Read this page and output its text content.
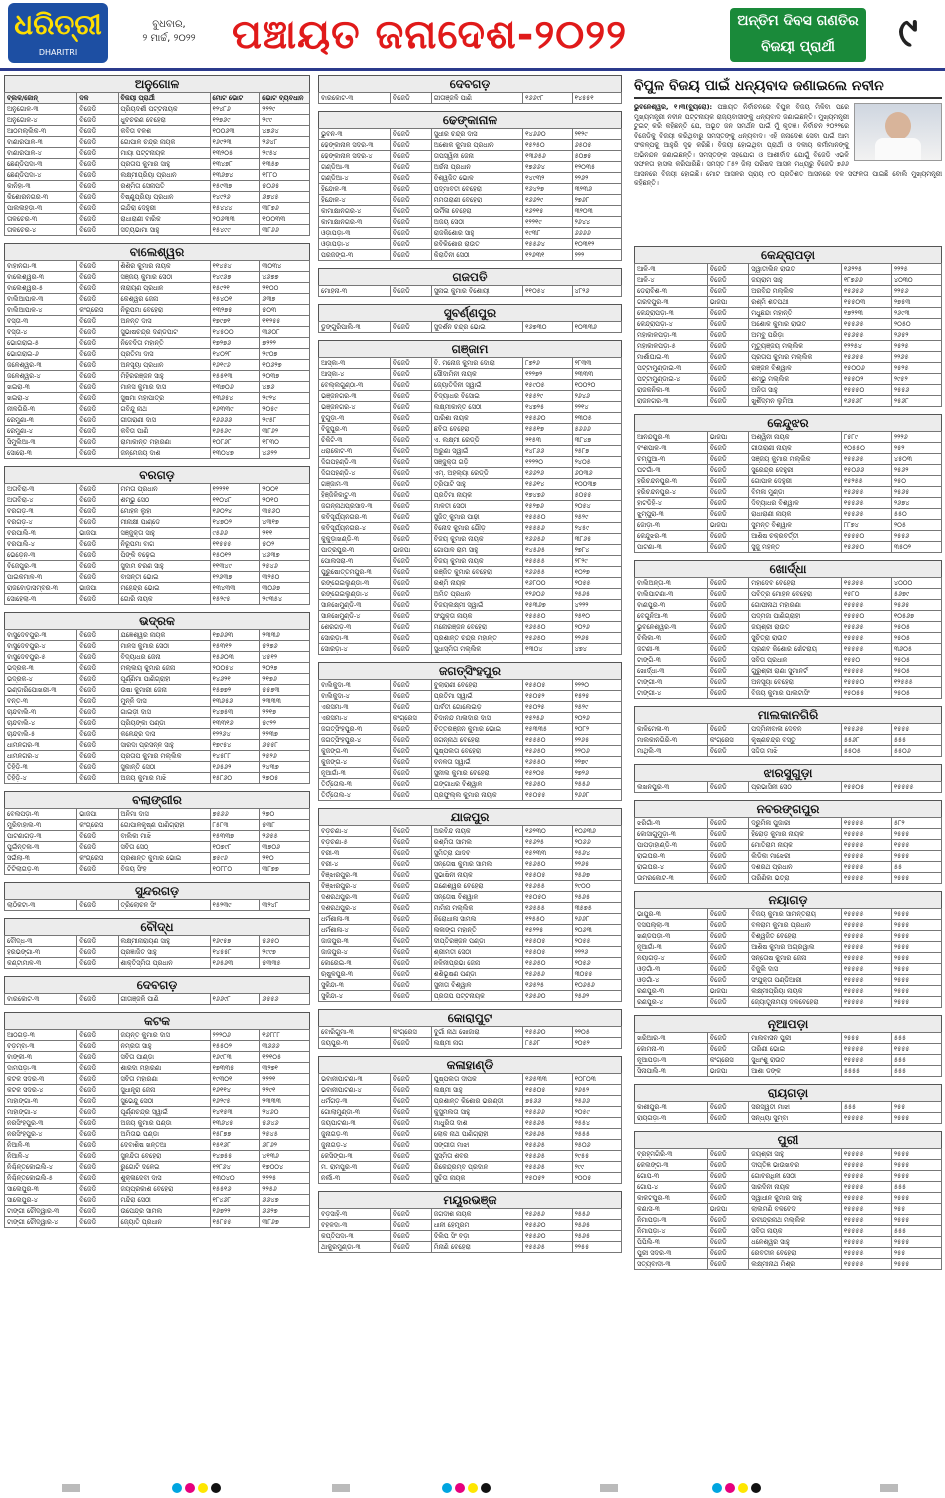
ଧରିତ୍ରୀ
DHARITRI
ବୁଧବାର,
୨ ମାର୍ଚ୍ଚ, ୨୦୨୨ ପଞ୍ଚାୟତ ଜନାଦେଶ-୨୦୨୨	ଅନ୍ତିମ ଦିବସ ଗଣତିର
ବିଜୟୀ ପ୍ରାର୍ଥୀ	୯
ଅନୁଗୋଳ
ବ୍ଲକ/ଜୋନ୍	ଦଳ	ବିଜୟୀ ପ୍ରାର୍ଥୀ	ମୋଟ ଭୋଟ	ଭୋଟ ବ୍ୟବଧାନ
ଅନୁଗୋଳ-୩	ବିଜେଡି	ପ୍ରିୟଦର୍ଶୀ ପଟ୍ଟନାୟକ	୧୨୪୮୬	୨୨୨୯
ଅନୁଗୋଳ-୪	ବିଜେଡି	ଧୁବଚରଣ ବେହେରା	୧୨୭୬୯	୨୯୯
ଆଠମଲ୍ଲିକ-୩	ବିଜେଡି	କବିତା ବଳଶ	୧୦୦୬୩	୪୭୬୪
ବାଣାରପାଳ-୩	ବିଜେଡି	ଗୋପାଳ ଚନ୍ଦ୍ର ନାୟକ	୧୬୯୨୩	୨୬୪୮
ବାଣାରପାଳ-୪	ବିଜେଡି	ମାୟା ପଟ୍ଟନାୟକ	୧୩୨୦୫	୨୯୫୪
ଛେଣ୍ଡିପଦା-୩	ବିଜେଡି	ପ୍ରତାପ କୁମାର ସାହୁ	୧୩୪୭୮	୧୩୫୭
ଛେଣ୍ଡିପଦା-୪	ବିଜେଡି	ଲକ୍ଷ୍ମୀପ୍ରିୟା ପ୍ରଧାନ	୧୩୬୭୪	୧୮୮୦
କାନିହା-୩	ବିଜେଡି	ରଶ୍ମିତା ସେନାପତି	୧୫୯୩୭	୫୦୬୫
କିଶୋରନଗର-୩	ବିଜେଡି	ବିଷ୍ଣୁପ୍ରିୟା ପ୍ରଧାନ	୧୪୯୨୬	୬୭୪୫
ପାଲଲହଡ଼ା-୩	ବିଜେଡି	ଇନ୍ଦିରା ଦେହୁରୀ	୧୫୪୪୪	୩୮୭୬
ତାଳଚେର-୩	ବିଜେଡି	ରାଧାରାଣୀ ବାରିକ	୨୦୬୩୩	୧୦୦୩୩
ତାଳଚେର-୪	ବିଜେଡି	ସତ୍ୟଭାମା ସାହୁ	୧୫୪୯୯	୩୮୬୬
ବାଲେଶ୍ୱର
ବାହାନଗା-୩	ବିଜେଡି	ଶିଶିର କୁମାର ନାୟକ	୧୧୪୫୪	୩୦୩୪
ବାଲେଶ୍ୱର-୩	ବିଜେଡି	ସଞ୍ଜୟ କୁମାର ସେଠୀ	୧୪୯୬୭	୪୬୭୭
ବାଲେଶ୍ୱର-୫	ବିଜେଡି	ନାରାୟଣ ପ୍ରଧାନ	୧୫୯୨୧	୨୧୦୦
ବାଲିଆପାଳ-୩	ବିଜେଡି	କେଶ୍ୱର ଜେନା	୧୫୪୦୧	୬୩୭
ବାଲିଆପାଳ-୪	କଂଗ୍ରେସ	ନିରୂପମା ବେହେରା	୧୩୨୭୫	୫୦୩
ବସ୍ତା-୩	ବିଜେଡି	ଅନନ୍ତ ଦାସ	୧୭୯୭୧	୧୧୨୫୫
ବସ୍ତା-୪	ବିଜେଡି	ସୁଭାଷଚନ୍ଦ୍ର ଦଣ୍ଡପାଟ	୧୪୫୦୦	୩୬୦୮
ଭୋଗରାଇ-୫	ବିଜେଡି	ନିବେଦିତା ମହାନ୍ତି	୧୭୨୭୬	୭୨୨୨
ଭୋଗରାଇ-୬	ବିଜେଡି	ପ୍ରତିମା ଦାସ	୧୪୦୨୮	୨୯୦୭
ଜଳେଶ୍ୱର-୩	ବିଜେଡି	ଅନସୂୟା ପ୍ରଧାନ	୧୬୧୯୬	୧୦୬୨୭
ଜଳେଶ୍ୱର-୪	ବିଜେଡି	ମିହିରରଞ୍ଜନ ସାହୁ	୧୫୫୧୩	୨୦୩୭
ଖଇରା-୩	ବିଜେଡି	ମାନସ କୁମାର ଦାସ	୧୩୭୦୬	୪୭୬
ଖଇରା-୪	ବିଜେଡି	ସୁଷମା ମହାପାତ୍ର	୧୩୬୫୪	୨୯୨୪
ନୀଳଗିରି-୩	ବିଜେଡି	ଗବିନ୍ଦୁ ନାଥ	୧୬୩୩୯	୨୦୫୯
ରେମୁଣା-୩	ବିଜେଡି	ଗୀତାରାଣୀ ଦାସ	୧୬୬୬୬	୨୯୫୮
ରେମୁଣା-୪	ବିଜେଡି	କବିତା ପାଣି	୧୬୫୬୯	୩୮୬୨
ସିମୁଲିଆ-୩	ବିଜେଡି	ରାମାକାନ୍ତ ମହାରଣା	୧୦୮୬୮	୧୮୩୦
ସୋରୋ-୩	ବିଜେଡି	ଜନ୍ମେଜୟ ଦାଶ	୧୩୦୪୭	୪୬୨୨
ବରଗଡ଼
ଅତାବିରା-୩	ବିଜେଡି	ମମତା ପ୍ରଧାନ	୧୨୨୨୧	୨୦୦୧
ଅତାବିରା-୪	ବିଜେଡି	ଶମ୍ଭୁ ସେଠ	୧୧୦୪୮	୨୦୧୦
ବରଗଡ଼-୩	ବିଜେଡି	ମୋହନ ଲୁହା	୧୬୦୨୪	୩୫୬୦
ବରଗଡ଼-୪	ବିଜେଡି	ମୀନାକ୍ଷୀ ପାଣ୍ଡେ	୧୪୭୦୨	୪୩୧୭
ବରପାଲି-୩	ଭାଜପା	ସଞ୍ଜୁକ୍ତା ସାହୁ	୯୫୬୬	୨୧୧
ବରପାଲି-୪	ବିଜେଡି	ନିରୂପମା ବାଗ	୧୧୫୫୫	୫୦୨
ଭେଡ଼େନ-୩	ବିଜେଡି	ପିଙ୍କି ବଢ଼େଇ	୧୫୦୧୨	୪୬୩୭
ବିଜେପୁର-୩	ବିଜେଡି	ସୁଦାମ ଚରଣ ସାହୁ	୧୧୩୪୯	୨୫୪୬
ପାଇକମାଳ-୩	ବିଜେଡି	ବାସନ୍ତୀ ଭୋଇ	୧୨୬୩୭	୩୨୫୦
ରାଜବୋଡ଼ାସମ୍ବର-୩	ଭାଜପା	ମହେନ୍ଦ୍ର ଭୋଇ	୧୩୪୩୩	୩୦୬୭
ସୋହେଲା-୩	ବିଜେଡି	ଗୋରି ନାୟକ	୧୫୨୯୫	୨୯୩୫୪
ଭଦ୍ରକ
ବାସୁଦେବପୁର-୩	ବିଜେଡି	ଯଜ୍ଞେଶ୍ୱର ନାୟକ	୧୭୬୬୩	୨୩୩୬
ବାସୁଦେବପୁର-୪	ବିଜେଡି	ମାନସ କୁମାର ସେଠୀ	୧୫୩୧୨	୫୨୭୬
ବାସୁଦେବପୁର-୫	ବିଜେଡି	ବିଦ୍ୟାଧର ଜେନା	୧୫୬୦୩	୪୫୧୨
ଭଦ୍ରକ-୩	ବିଜେଡି	ମଲ୍ଲୟ କୁମାର ଜେନା	୨୦୦୫୪	୨୦୨୭
ଭଦ୍ରକ-୪	ବିଜେଡି	ପୂର୍ଣ୍ଣିମା ପାଣିଗ୍ରାହୀ	୧୪୬୨୧	୨୧୭୬
ଭଣ୍ଡାରିପୋଖରୀ-୩	ବିଜେଡି	ଉଷା କୁମାରୀ ଜେନା	୧୫୭୭୨	୫୫୭୩
ବନ୍ତ-୩	ବିଜେଡି	ମୁନ୍ନି ଦାସ	୧୩୬୫୬	୨୩୩୩
ଚାନ୍ଦବାଲି-୩	ବିଜେଡି	ଗାଇଡ଼ୀ ଦାସ	୧୪୭୫୩	୨୨୧୭
ଚାନ୍ଦବାଲି-୪	ବିଜେଡି	ପ୍ରିୟଙ୍କା ପଣ୍ଡା	୧୩୩୧୬	୫୯୨୨
ଚାନ୍ଦବାଲି-୫	ବିଜେଡି	କଳେନ୍ଦ୍ର ଦାସ	୧୨୨୬୪	୨୨୩୭
ଧାମନଗର-୩	ବିଜେଡି	ସାରଦା ପ୍ରସନ୍ନ ସାହୁ	୧୭୯୫୪	୬୫୫୮
ଧାମନଗର-୪	ବିଜେଡି	ପ୍ରତାପ କୁମାର ମଲ୍ଲିକ	୧୪୫୮୮	୨୫୨୬
ତିହିଡ଼ି-୩	ବିଜେଡି	ସୁକାନ୍ତି ସେଠୀ	୧୬୫୬୨	୨୪୩୭
ତିହିଡ଼ି-୪	ବିଜେଡି	ଅଜୟ କୁମାର ମାଝି	୧୫୮୬୦	୨୭୦୫
ବଲାଙ୍ଗୀର
ବେଲପଡ଼ା-୩	ଭାଜପା	ଅନିମା ଦାସ	୭୫୬୬	୨୭୦
ମୁରିବାହାଲ-୩	କଂଗ୍ରେସ	ଗୋପାଳକୃଷ୍ଣ ପାଣିଗ୍ରାହୀ	୮୫୮୩	୫୩୮
ପାଟଣାଗଡ଼-୩	ବିଜେଡି	ବାଲିକା ମାଝି	୧୫୩୩୭	୨୬୫୫
ପୁଇଁନ୍ତଳା-୩	ବିଜେଡି	ସବିତା ସେଠ୍	୧୦୭୯୮	୩୭୦୬
ସଇଁଲା-୩	କଂଗ୍ରେସ	ପ୍ରଶାନ୍ତ କୁମାର ଭୋଇ	୭୫୯୬	୨୧୦
ଟିଟିଲାଗଡ଼-୩	ବିଜେଡି	ବିଜୟ ସିଂହ	୧୦୮୮୦	୩୮୭୭
ସୁନ୍ଦରଗଡ଼
ଲାଠିକଟା-୩	ବିଜେଡି	ତ୍ରିଲୋଚନ ସିଂ	୧୫୨୩୯	୩୨୪୮
ବୌଦ୍ଧ
ବୌଦ୍ଧ-୩	ବିଜେଡି	ଲକ୍ଷ୍ମୀନାରାୟଣ ସାହୁ	୧୬୯୫୭	୫୬୫୦
ହରଭଙ୍ଗା-୩	ବିଜେଡି	ପ୍ରଜ୍ଞାଜିତ ସାହୁ	୧୪୫୫୮	୨୯୯୭
କଣ୍ଟାମାଳ-୩	ବିଜେଡି	ଶାକ୍ତିସ୍ମିତା ପ୍ରଧାନ	୧୬୫୬୩	୫୩୩୫
ଦେବଗଡ଼
ବାରକୋଟ-୩	ବିଜେଡି	ଗୀତାଞ୍ଜଳି ପାଣି	୧୬୬୯୮	୬୫୫୬
କଟକ
ଆଠଗଡ଼-୩	ବିଜେଡି	ଜୟନ୍ତ କୁମାର ଦାସ	୨୨୨୦୬	୧୬୮୮୮
ବଡ଼ମ୍ବା-୩	ବିଜେଡି	ନମ୍ରତା ସାହୁ	୧୫୫୦୨	୩୬୬୬
ବାଙ୍କୀ-୩	ବିଜେଡି	ସବିତା ପାଣ୍ଡା	୧୬୯୮୩	୧୨୧୦୫
ଦାମପଡ଼ା-୩	ବିଜେଡି	ଶାରଦା ମହାରଣା	୧୭୩୩୫	୩୨୭୧
କଟକ ସଦର-୩	ବିଜେଡି	ସବିତା ମହାରଣା	୧୯୩୦୧	୨୨୨୧
କଟକ ସଦର-୪	ବିଜେଡି	ସୁଧାନ୍ତ୍ରା ଜେନା	୧୬୧୧୪	୨୨୯୧
ମାହାଙ୍ଗା-୩	ବିଜେଡି	ସୁଭେନ୍ଦୁ ସେଠୀ	୧୬୨୯୫	୨୩୩୩
ମାହାଙ୍ଗା-୪	ବିଜେଡି	ପୂର୍ଣ୍ଣଚନ୍ଦ୍ର ସ୍ୱାଇଁ	୧୪୧୫୩	୨୪୬୦
ନରସିଂହପୁର-୩	ବିଜେଡି	ଅଜୟ କୁମାର ପଣ୍ଡା	୧୩୬୪୫	୫୬୪୬
ନରସିଂହପୁର-୪	ବିଜେଡି	ଅମିତାଭ ପଣ୍ଡା	୧୫୮୭୭	୨୫୪୫
ନିଆଳି-୩	ବିଜେଡି	ଦେବାଶିଷ ଖନ୍ତଆ	୧୫୧୬୮	୬୮୬୨
ନିଆଳି-୪	ବିଜେଡି	ସୁନନ୍ଦିତା ବେହେରା	୧୪୭୫୫	୪୧୩୬
ନିଶ୍ଚିନ୍ତକୋଇଲି-୪	ବିଜେଡି	ରୁଗୋଟି ଦଳେଇ	୧୨୮୬୪	୧୭୦୦୪
ନିଶ୍ଚିନ୍ତକୋଇଲି-୫	ବିଜେଡି	ଶୁକ୍ଳାଦେବୀ ଦାସ	୧୩୦୪୦	୨୨୨୫
ସାଲେପୁର-୩	ବିଜେଡି	ଜୟପ୍ରକାଶ ବେହେରା	୧୫୫୧୬	୨୨୫୬
ସାଲେପୁର-୪	ବିଜେଡି	ମନ୍ଦିରା ସେଠୀ	୧୮୪୬୮	୬୬୪୭
ଟାଙ୍ଗୀ ଚୌଦ୍ୱାର-୩	ବିଜେଡି	ଉପେନ୍ଦ୍ର ସାମଲ	୧୬୭୨୨	୬୬୨୭
ଟାଙ୍ଗୀ ଚୌଦ୍ୱାର-୪	ବିଜେଡି	ଜ୍ୟୋତି ପ୍ରଧାନ	୧୫୮୫୫	୩୮୬୭
ଦେବଗଡ଼
ବାରକୋଟ-୩	ବିଜେଡି	ଗୀତାଞ୍ଜଳି ପାଣି	୧୬୬୯୮	୧୪୫୫୧
ଢେଙ୍କାନାଳ
ଭୁବନ-୩	ବିଜେଡି	ସୁଧୀର ଚନ୍ଦ୍ର ଦାସ	୧୪୬୬୦	୨୧୨୯
ଢେଙ୍କାନାଳ ସଦର-୩	ବିଜେଡି	ଅଶୋକ କୁମାର ପ୍ରଧାନ	୧୫୨୫୦	୬୫୦୫
ଢେଙ୍କାନାଳ ସଦର-୪	ବିଜେଡି	ତାପସ୍ୱିନୀ ଜେନା	୧୩୬୫୬	୫୦୭୫
ଗଣ୍ଡିଆ-୩	ବିଜେଡି	ଅର୍ଚ୍ଚନା ପ୍ରଧାନ	୧୭୬୬୪	୧୨୦୩୫
ଗଣ୍ଡିଆ-୪	ବିଜେଡି	ବିଶ୍ୱଜିତ ଭୋଳ	୧୪୯୩୨	୨୨୬୨
ହିନ୍ଦୋଳ-୩	ବିଜେଡି	ପଦ୍ମାବତୀ ବେହେରା	୧୬୪୨୭	୩୨୩୬
ହିନ୍ଦୋଳ-୪	ବିଜେଡି	ମମତାରାଣୀ ବେହେରା	୧୬୬୨୯	୨୭୬୮
କାମାକ୍ଷାନଗର-୪	ବିଜେଡି	ଉର୍ମିଳା ବେହେରା	୧୬୨୧୫	୩୨୦୩
କାମାକ୍ଷାନଗର-୩	ବିଜେଡି	ଅଜୟ ସେଠୀ	୧୨୨୧୯	୨୬୪୪
ଓଡ଼ାପଡ଼ା-୩	ବିଜେଡି	ରାଜକିଶୋର ସାହୁ	୧୯୩୮	୬୬୬୬
ଓଡ଼ାପଡ଼ା-୪	ବିଜେଡି	ରବିକିଶୋର ରାଉତ	୧୫୫୬୪	୧୦୩୧୨
ପରଜଙ୍ଗ-୩	ବିଜେଡି	କିରାତିନୀ ସେଠୀ	୧୨୬୩୧	୨୨୨
ଗଜପତି
ମୋହନା-୩	ବିଜେଡି	ସୁନାଇ କୁମାର ବିଶୋୟୀ	୧୧୦୫୪	୪୮୨୬
ସୁବର୍ଣ୍ଣପୁର
ଡୁଙ୍ଗୁରିପାଲି-୩	ବିଜେଡି	ସୁଦର୍ଶନ ଚନ୍ଦ୍ର ଭୋଇ	୧୬୭୩୦	୧୦୩୩୬
ଗଞ୍ଜାମ
ଆସ୍କା-୩	ବିଜେଡି	ବି. ମନୋଜ କୁମାର ଦୋରା	୮୭୨୬	୨୮୩୩
ଆସ୍କା-୪	ବିଜେଡି	ସୌଦାମିନୀ ନାୟକ	୧୨୨୭୨	୨୩୩୩
ବେଲ୍ଲଗୁଣ୍ଠା-୩	ବିଜେଡି	ଜ୍ୟୋତିଦିନୀ ସ୍ୱାଇଁ	୧୫୯୦୫	୧୦୦୨୦
ଭଞ୍ଜନଗର-୩	ବିଜେଡି	ବିଦ୍ୟାଧର ବିସୋଇ	୧୫୫୨୯	୨୬୪୬
ଭଞ୍ଜନଗର-୪	ବିଜେଡି	ଲକ୍ଷ୍ମୀକାନ୍ତ ସେଠୀ	୧୪୭୨୫	୨୨୧୪
ବୁଗୁଡ଼ା-୩	ବିଜେଡି	ପାରିଶା ନାୟକ	୧୫୫୬୦	୨୩୦୫
ବିଜୁପୁର-୩	ବିଜେଡି	ଛବିତା ବେହେରା	୧୫୫୧୭	୫୬୬୬
ଚିକିଟି-୩	ବିଜେଡି	ଏ. ଲକ୍ଷ୍ମୀ ରେଡ୍ଡି	୨୧୫୩	୩୮୪୭
ଧରାକୋଟ-୩	ବିଜେଡି	ଅରୁଣା ସ୍ୱାଇଁ	୧୪୮୬୬	୨୫୮୭
ଦିଗପହଣ୍ଡି-୩	ବିଜେଡି	ସଞ୍ଜୁକ୍ତା ଗଡ଼ି	୧୨୨୨୦	୨୪୦୫
ଦିଗପହଣ୍ଡି-୪	ବିଜେଡି	ଏମ୍. ଅହଲ୍ୟା ରେଡ୍ଡି	୧୬୬୨୬	୬୦୩୬
ଗଞ୍ଜାମ-୩	ବିଜେଡି	ତ୍ରିପାଟି ସାହୁ	୧୫୬୧୪	୧୦୦୩୭
ହିଞ୍ଜିଳିକାଟୁ-୩	ବିଜେଡି	ପ୍ରତିମା ନାୟକ	୧୭୪୭୬	୫୦୫୫
ଜଗନ୍ନାଥପ୍ରସାଦ-୩	ବିଜେଡି	ମାଳତୀ ସେଠୀ	୧୫୨୭୬	୨୦୫୪
କବିସୂର୍ଯ୍ୟନଗର-୩	ବିଜେଡି	ସୁଜିତ୍ କୁମାର ପାଢ଼ୀ	୧୫୫୫୦	୨୫୨୯
କବିସୂର୍ଯ୍ୟନଗର-୪	ବିଜେଡି	ବିନୋଦ କୁମାର ଗୌଡ଼	୧୫୫୫୬	୨୪୫୯
କୁକୁଡ଼ାଖଣ୍ଡି-୩	ବିଜେଡି	ବିଜୟ କୁମାର ନାୟକ	୧୬୬୫୬	୩୮୬୫
ପାତ୍ରପୁର-୩	ଭାଜପା	ଗୋପାଳ ରାମ ସାହୁ	୧୪୫୬୫	୨୭୮୪
ପୋଲସରା-୩	ବିଜେଡି	ବିଜୟ କୁମାର ନାୟକ	୧୫୫୫୫	୨୮୨୯
ପୁରୁଷୋତ୍ତମପୁର-୩	ବିଜେଡି	ରଞ୍ଜିତ କୁମାର ବେହେରା	୧୬୬୫୫	୧୦୨୭
ରଙ୍ଗେଇଲୁଣ୍ଡା-୩	ବିଜେଡି	ରଶ୍ମି ନାୟକ	୧୬୮୦୦	୨୦୫୫
ରଙ୍ଗେଇଲୁଣ୍ଡା-୪	ବିଜେଡି	ଅମିତ ପ୍ରଧାନ	୧୨୬୦୬	୨୫୬୫
ସାନଖେମୁଣ୍ଡି-୩	ବିଜେଡି	ବିଜୟଲକ୍ଷ୍ମୀ ସ୍ୱାଇଁ	୧୫୩୬୭	୪୨୨୨
ସାନଖେମୁଣ୍ଡି-୪	ବିଜେଡି	ସଂଯୁକ୍ତା ନାୟକ	୧୫୫୫୦	୨୫୧୦
ଶେରଗଡ଼-୩	ବିଜେଡି	ମନୋରଞ୍ଜନ ବେହେରା	୧୬୫୫୦	୨୦୨୬
ସୋରଡ଼ା-୩	ବିଜେଡି	ପ୍ରଶାନ୍ତ ଚନ୍ଦ୍ର ମହାନ୍ତ	୧୫୬୫୦	୨୨୬୫
ସୋରଡ଼ା-୪	ବିଜେଡି	ସୁଧାସ୍ମିତା ମଲ୍ଲିକ	୧୩୦୪	୪୭୪
ଜଗତ୍‌ସିଂହପୁର
ବାଲିକୁଦା-୩	ବିଜେଡି	ବୁଲାରାଣୀ ବେହେରା	୧୫୫୦୫	୨୨୨୦
ବାଲିକୁଦା-୪	ବିଜେଡି	ପ୍ରତିମା ସ୍ୱାଇଁ	୧୫୦୫୨	୧୫୨୫
ଏରସମା-୩	ବିଜେଡି	ପାର୍ବତୀ ଗୋଲେଇଡ଼	୧୫୦୨୫	୨୫୨୯
ଏରସମା-୪	କଂଗ୍ରେସ	ଚିଦାନନ୍ଦ ମାଳାଦାର ଦାସ	୧୫୨୫୬	୨୦୨୬
ଜଗତ୍‌ସିଂହପୁର-୩	ବିଜେଡି	ଚିତ୍ତରଞ୍ଜନ କୁମାର ଭୋଇ	୧୫୩୩୫	୨୦୮୨
ଜଗତ୍‌ସିଂହପୁର-୪	ବିଜେଡି	ଜଗନ୍ନାଥ ବେହେରା	୧୫୫୫୦	୨୨୬୫
କୁଜଙ୍ଗ-୩	ବିଜେଡି	ପୁଷ୍ପଲତା ବେହେରା	୧୫୬୫୦	୨୨୦୬
କୁଜଙ୍ଗ-୪	ବିଜେଡି	ବନଳତା ସ୍ୱାଇଁ	୧୬୫୫୦	୨୨୭୯
ନୂଆଗାଁ-୩	ବିଜେଡି	ସୁନୀଲ କୁମାର ବେହେରା	୧୫୨୦୫	୨୭୨୬
ତିର୍ତ୍ତୋଲ-୩	ବିଜେଡି	ଗଙ୍ଗାଧର ବିଶ୍ୱାଳ	୧୫୬୫୦	୨୫୫୬
ତିର୍ତ୍ତୋଲ-୪	ବିଜେଡି	ପ୍ରଫୁଲ୍ଲ କୁମାର ନାୟକ	୧୫୦୫୫	୨୬୬୮
ଯାଜପୁର
ବଡ଼ଚଣା-୪	ବିଜେଡି	ଅରବିନ୍ଦ ନାୟକ	୧୬୨୩୦	୧୦୬୩୬
ବଡ଼ଚଣା-୫	ବିଜେଡି	ରଶ୍ମିତା ସାମଲ	୧୫୬୨୫	୨୦୬୬
ବରୀ-୩	ବିଜେଡି	ସୁମିତ୍ରା ଯାଦବ	୧୫୨୩୩	୨୫୬୪
ବରୀ-୪	ବିଜେଡି	ସନ୍ତୋଷ କୁମାର ସାମଲ	୧୫୬୫୦	୨୨୬୫
ବିଞ୍ଝାରପୁର-୩	ବିଜେଡି	ସୁଭାଷିନୀ ନାୟକ	୧୫୫୦୫	୨୫୬୭
ବିଞ୍ଝାରପୁର-୪	ବିଜେଡି	ଗଣେଶ୍ୱର ବେହେରା	୧୫୬୫୫	୨୯୦୦
ଦଶରଥପୁର-୩	ବିଜେଡି	ସନ୍ତୋଷ ବିଶ୍ୱାଳ	୧୫୦୫୦	୨୫୬୫
ଦଶରଥପୁର-୪	ବିଜେଡି	ମାମିନା ମଲ୍ଲିକ	୧୬୫୫୫	୩୫୭୫
ଧର୍ମଶାଳା-୩	ବିଜେଡି	ନିରୋଧାଳା ସାମଲ	୧୨୫୫୦	୨୬୬୮
ଧର୍ମଶାଳା-୪	ବିଜେଡି	ଲଳାଙ୍ଗ ମହାନ୍ତି	୧୫୨୨୫	୨୦୬୩
ଜାଜପୁର-୩	ବିଜେଡି	ଦୀପ୍ତିରଞ୍ଜନ ପଣ୍ଡା	୧୫୫୦୫	୨୦୫୫
ଜାଜପୁର-୪	ବିଜେଡି	ଶ୍ରୀମତୀ ସେଠୀ	୧୫୫୦୫	୨୨୨୬
କୋରେଇ-୩	ବିଜେଡି	ନଳିନୀପ୍ରଭା ଜେନା	୧୫୬୫୦	୨୦୫୬
ଋଷୁଳପୁର-୩	ବିଜେଡି	ଶଶିଭୂଷଣ ପଣ୍ଡା	୧୫୬୫୬	୩୦୫୫
ସୁକିନ୍ଦା-୩	ବିଜେଡି	ସୁନୀତା ବିଶ୍ୱାଳ	୧୬୫୨୫	୧୦୬୫୬
ସୁକିନ୍ଦା-୪	ବିଜେଡି	ପ୍ରତାପ ପଟ୍ଟନାୟକ	୧୬୫୬୦	୨୫୬୨
କୋରାପୁଟ
ବୋରିଗୁମା-୩	କଂଗ୍ରେସ	ଦୁର୍ଗା ନାଥ ଖୋଜାରା	୧୫୫୬୦	୨୨୦୫
ଜୟପୁର-୩	ବିଜେଡି	ଲକ୍ଷ୍ମୀ ନାଗ	୮୫୬୮	୨୦୫୨
କଳାହାଣ୍ଡି
ଭବାନୀପାଟଣା-୩	ବିଜେଡି	ପୁଷ୍ପଲତା ଦୀପକ	୧୬୫୩୩	୧୦୮୦୩
ଭବାନୀପାଟଣା-୪	ବିଜେଡି	ଲକ୍ଷ୍ମୀ ସାହୁ	୧୫୫୦୫	୨୬୫୨
ଧର୍ମଗଡ଼-୩	ବିଜେଡି	ପ୍ରଶାନ୍ତ କିଶୋର ଭରଣ୍ଡୀ	୭୫୬୬	୨୫୬୬
ଗୋଲାମୁଣ୍ଡା-୩	ବିଜେଡି	କୁସୁମଲତା ସାହୁ	୧୫୫୬୬	୨୦୫୯
ଜୟପାଟଣା-୩	ବିଜେଡି	ମାଧୁରିତା ଦାଶ	୧୫୫୬୫	୨୫୫୪
ଜୁନାଗଡ଼-୩	ବିଜେଡି	ଲୋକ ନାଥ ପାଣିଗ୍ରାହୀ	୧୬୫୬୫	୨୫୫୫
ଜୁନାଗଡ଼-୪	ବିଜେଡି	ସଙ୍ଗୀତା ମାଝୀ	୧୫୫୬୫	୨୫୦୬
କେସିଙ୍ଗା-୩	ବିଜେଡି	ସୁସ୍ମିତା ଶବର	୧୫୫୬୫	୨୯୫୫
ମ. ରାମପୁର-୩	ବିଜେଡି	ରିକେନ୍ଦ୍ରମ୍ବ ପ୍ରଦାନ	୧୫୫୬୫	୨୯୯
ନର୍ଲା-୩	ବିଜେଡି	ସୁଚିତା ନାୟକ	୧୫୦୫୨	୨୦୦୫
ମୟୂରଭଞ୍ଜ
ବଡ଼ସାହି-୩	ବିଜେଡି	ଜଗଦୀଶ ନାୟକ	୧୫୬୫୬	୨୫୫୬
ବହଳଦା-୩	ବିଜେଡି	ଧାନୀ ହେମ୍ବ୍ରମ	୧୫୫୬୦	୨୫୬୫
କପ୍ତିପଦା-୩	ବିଜେଡି	ଦିଲିପ ସିଂ ବଡ଼ା	୧୫୫୬୦	୨୫୬୫
ଥାକୁରମୁଣ୍ଡା-୩	ବିଜେଡି	ମିନାଣି ବେହେରା	୧୫୫୬୫	୨୨୫୫
ବିପୁଳ ବିଜୟ ପାଇଁ ଧନ୍ୟବାଦ ଜଣାଇଲେ ନବୀନ
ଭୁବନେଶ୍ୱର, ୧।୩(ବ୍ୟୁରୋ): ପଞ୍ଚାୟତ ନିର୍ବାଚନରେ ବିପୁଳ ବିଜୟ ମିଳିବା ପରେ ମୁଖ୍ୟମନ୍ତ୍ରୀ ନବୀନ ପଟ୍ଟନାୟକ ରାଜ୍ୟବାସୀଙ୍କୁ ଧନ୍ୟବାଦ ଜଣାଇଛନ୍ତି। ମୁଖ୍ୟମନ୍ତ୍ରୀ ଟୁଇଟ୍ କରି କହିଛନ୍ତି ଯେ, ଅଭୂତ ଜନ ସମର୍ଥନ ପାଇଁ ମୁଁ କୃତଜ୍ଞ। ନିର୍ବାଚନ ୨୦୨୨ରେ ବିଜେଡିକୁ ବିଜୟୀ କରିଥିବାରୁ ସମସ୍ତଙ୍କୁ ଧନ୍ୟବାଦ। ଏହି ଜନାଦେଶ ସେବା ପାଇଁ ଆମ ସଂକଳ୍ପକୁ ଆହୁରି ଦୃଢ କରିଛି। ବିଜୟୀ ହୋଇଥିବା ପ୍ରାର୍ଥୀ ଓ ଦଳୀୟ କର୍ମୀମାନଙ୍କୁ ଅଭିନନ୍ଦନ ଜଣାଇଛନ୍ତି। ସମସ୍ତଙ୍କ ସହଯୋଗ ଓ ଆଶୀର୍ବାଦ ଯୋଗୁଁ ବିଜେଡି ଏଭଳି ସଫଳତା ହାସଲ କରିପାରିଛି। ସମସ୍ତ ୮୫୨ ଜିଲା ପରିଷଦ ଆସନ ମଧ୍ୟରୁ ବିଜେଡି ୭୬୬ ଆସନରେ ବିଜୟୀ ହୋଇଛି। ମୋଟ ଆସନର ପ୍ରାୟ ୯୦ ପ୍ରତିଶତ ଆସନରେ ଦଳ ସଫଳତା ପାଇଛି ବୋଲି ମୁଖ୍ୟମନ୍ତ୍ରୀ କହିଛନ୍ତି।
କେନ୍ଦ୍ରାପଡ଼ା
ଆଳି-୩	ବିଜେଡି	ସ୍ୱାତୀଲିନ ରାଉତ	୧୬୨୨୫	୨୨୨୫
ଆଳି-୪	ବିଜେଡି	ଜୟରାମ ସାହୁ	୧୮୭୬୬	୪୦୩୦
ଡେରାବିଶ-୩	ବିଜେଡି	ଅରବିନ୍ଦ ମଲ୍ଲିକ	୧୫୬୫୬	୨୨୫୬
ଗରଦପୁର-୩	ଭାଜପା	ରଶ୍ମି ଶତପଥୀ	୧୫୫୦୩	୨୭୫୩
କେନ୍ଦ୍ରାପଡ଼ା-୩	ବିଜେଡି	ମଧୁଛନ୍ଦା ମହାନ୍ତି	୧୭୨୨୩	୨୬୯୩
କେନ୍ଦ୍ରାପଡ଼ା-୪	ବିଜେଡି	ଅଶୋକ କୁମାର ରାଉତ	୧୫୫୬୫	୨୦୫୦
ମହାକାଳପଡ଼ା-୩	ବିଜେଡି	ଅମ୍ବୁ ପରିଡ଼ା	୧୫୬୫୫	୨୬୫୨
ମହାକାଳପଡ଼ା-୫	ବିଜେଡି	ମୃତ୍ୟୁଞ୍ଜୟ ମଲ୍ଲିକ	୧୨୨୫୪	୨୫୨୫
ମାର୍ଶାଘାଇ-୩	ବିଜେଡି	ପ୍ରତାପ କୁମାର ମଲ୍ଲିକ	୧୫୬୫୫	୨୨୬୫
ପଟ୍ଟାମୁଣ୍ଡାଇ-୩	ବିଜେଡି	ରଞ୍ଜନ ବିଶ୍ୱାଳ	୧୫୦୦୬	୨୫୨୫
ପଟ୍ଟାମୁଣ୍ଡାଇ-୪	ବିଜେଡି	ଶମ୍ଭୁ ମଲ୍ଲିକ	୧୫୫୦୨	୨୯୫୨
ରାଜକନିକା-୩	ବିଜେଡି	ଅନିତା ସାହୁ	୧୫୫୫୦	୨୫୫୬
ରାଜନଗର-୩	ବିଜେଡି	ଖୁର୍ଶିଦ୍ମନ ଲୁମିଆ	୧୬୫୬୮	୨୫୬୮
କେନ୍ଦୁଝର
ଆନନ୍ଦପୁର-୩	ଭାଜପା	ଅଶ୍ୱିନୀ ନାୟକ	୮୫୮୯	୨୨୨୬
ବଂଶପାଳ-୩	ବିଜେଡି	ଗୀତାରାଣୀ ନାୟକ	୧୦୫୫୦	୨୫୨
ଚମ୍ପୁଆ-୩	ବିଜେଡି	ସଞ୍ଜୟ କୁମାର ମଲ୍ଲିକ	୧୫୫୬୫	୪୫୦୩
ଘଟଗାଁ-୩	ବିଜେଡି	ସୁରେନ୍ଦ୍ର ଦେହୁରୀ	୧୫୦୬୬	୨୫୬୨
ହରିଚନ୍ଦନପୁର-୩	ବିଜେଡି	ଗୋପାଳ ଦେହୁରୀ	୧୫୨୫୫	୨୫୦
ହରିଚନ୍ଦନପୁର-୪	ବିଜେଡି	ବିମଳା ମୁଣ୍ଡା	୧୫୬୫୫	୨୫୬୫
ହାଟଡିହି-୪	ବିଜେଡି	ଦିବ୍ୟାଧର ବିଶ୍ୱାଳ	୧୫୫୬୫	୨୬୭୪
ଝୁମ୍ପୁରା-୩	ବିଜେଡି	ରାଧାରାଣୀ ନାୟକ	୧୫୫୬୫	୫୫୦
ଜୋଡ଼ା-୩	ଭାଜପା	ସୁମନ୍ତ ବିଶ୍ୱାଳ	୮୮୭୪	୨୦୫
କେନ୍ଦୁଝର-୩	ବିଜେଡି	ଆଶିଷ ଚକ୍ରବର୍ତ୍ତୀ	୧୫୫୫୦	୨୫୫୬
ପାଟଣା-୩	ବିଜେଡି	ସୁଜୁ ମହନ୍ତ	୧୫୬୫୦	୩୫୦୨
ଖୋର୍ଦ୍ଧା
ବାଲିଅନ୍ତା-୩	ବିଜେଡି	ମହାଦେବ ବେହେରା	୧୫୬୫୫	୪୦୦୦
ବାଲିପାଟଣା-୩	ବିଜେଡି	ପବିତ୍ର ମୋହନ ବେହେରା	୧୫୮୦	୫୬୭୯
ବାଣପୁର-୩	ବିଜେଡି	ଗୋପୀନାଥ ମହାରଣା	୧୫୫୫୫	୨୫୬୫
ବେଗୁନିଆ-୩	ବିଜେଡି	ପଦ୍ମଜା ପାଣିଗ୍ରାହୀ	୧୫୫୫୦	୧୦୫୬୭
ଭୁବନେଶ୍ୱର-୩	ବିଜେଡି	ଜୟଶ୍ରୀ ରାଉତ	୧୫୫୬୫	୨୫୦୫
ଚିଲିକା-୩	ବିଜେଡି	ସୁଚିତ୍ରା ରାଉତ	୧୫୫୫୫	୨୫୦୫
ଜଟଣୀ-୩	ବିଜେଡି	ପ୍ରଣବ କିଶୋର ଖେଁଟରାୟ	୧୫୫୫୫	୩୬୦୫
ଟାଙ୍ଗି-୩	ବିଜେଡି	ସବିତା ପ୍ରଧାନ	୧୫୫୦	୨୫୦୫
ଖୋର୍ଦ୍ଧା-୩	ବିଜେଡି	ଗୁରୁଶ୍ରୀ ରାଣା ସୁମାନର୍ଟ	୧୫୫୫୫	୨୫୦୫
ଟାଙ୍ଗୀ-୩	ବିଜେଡି	ଅନସୂୟା ବେହେରା	୧୫୫୫୦	୧୨୫୫୫
ଟାଙ୍ଗୀ-୪	ବିଜେଡି	ବିଜୟ କୁମାର ପାଲଟାସିଂ	୧୫୦୫୫	୨୫୦୫
ମାଲକାନଗିରି
କାଳିମେଳା-୩	ବିଜେଡି	ପଦ୍ମିନୀବାଳା ଦେବନ	୧୫୫୬୫	୧୫୫୫
ମାଲକାନଗିରି-୩	କଂଗ୍ରେସ	କୃଷ୍ଣଚନ୍ଦ୍ର ବସ୍ତୁ	୫୫୬୮	୫୫୫
ମାଥିଲି-୩	ବିଜେଡି	ସଦ୍ଦିତା ମାଝି	୫୫୦୫	୫୫୦୬
ଝାରସୁଗୁଡ଼ା
ଲଖନପୁର-୩	ବିଜେଡି	ପ୍ରଭାସିନୀ ସେଠ	୧୫୫୦୫	୧୫୫୫୫
ନବରଙ୍ଗପୁର
ଝରିଗାଁ-୩	ବିଜେଡି	ଦ୍ରୁମିଳା ପୁଜାରୀ	୧୫୫୫୫	୫୮୨
କୋସାଗୁମୁଡ଼ା-୩	ବିଜେଡି	ହିରୋଡ଼ କୁମାର ନାୟକ	୧୫୫୫୫	୨୫୫୫
ପାପଡ଼ାହାଣ୍ଡି-୩	ବିଜେଡି	ମୋତିରାମ ନାୟକ	୧୫୫୫୫	୧୫୫୫
ରାଇଘର-୩	ବିଜେଡି	ଲିଡିକା ମାଝେରୀ	୧୫୫୫୫	୨୫୫୫
ରାଇଘର-୪	ବିଜେଡି	ଦଶରଥ ପ୍ରଧାନ	୧୫୫୫୫	୫୫
ଉମରକୋଟ-୩	ବିଜେଡି	ତାରିଣିକା ଭତ୍ରା	୧୫୫୫୫	୨୫୫୫
ନୟାଗଡ଼
ଭାପୁର-୩	ବିଜେଡି	ବିଜୟ କୁମାର ସାମନ୍ତରାୟ	୧୫୫୫୫	୨୫୫୫
ଦସପଲ୍ଲା-୩	ବିଜେଡି	ବଳରାମ କୁମାର ପ୍ରଧାନ	୧୫୫୫୫	୨୫୫୫
ଖଣ୍ଡପଡ଼ା-୩	ବିଜେଡି	ବିଶ୍ୱଜିତ ବେହେରା	୧୫୫୫୫	୨୫୫୫
ନୂଆଗାଁ-୩	ବିଜେଡି	ଆଶିଷ କୁମାର ଅଗ୍ରୱାଲ	୧୫୫୫୫	୨୫୫୫
ନୟାଗଡ଼-୪	ବିଜେଡି	ସନ୍ତୋଷ କୁମାର ଜେନା	୧୫୫୫୫	୨୫୫୫
ଓଡ଼ଗାଁ-୩	ବିଜେଡି	ବିଜୁଲି ଦାସ	୧୫୫୫୫	୨୫୫୫
ଓଡ଼ଗାଁ-୪	ବିଜେଡି	ସଂଯୁକ୍ତା ପଣ୍ଡିଆରୀ	୧୫୫୫୫	୨୫୫୫
ରଣପୁର-୩	ଭାଜପା	ଲକ୍ଷ୍ମୀପ୍ରିୟା ନାୟକ	୧୫୫୫୫	୨୫୫୫
ରଣପୁର-୪	ବିଜେଡି	ଜ୍ୟୋତ୍ସ୍ନାମୟୀ ଦଳବେହେରା	୧୫୫୫୫	୨୫୫୫
ନୂଆପଡ଼ା
ଖରିଆର-୩	ବିଜେଡି	ମାଲବାସନ ପୁରୀ	୨୫୫୫	୫୫୫
କୋମନା-୩	ବିଜେଡି	ତାରିଣୀ ଭୋଇ	୧୫୫୫୫	୧୫୫୫
ନୂଆପଡ଼ା-୩	କଂଗ୍ରେସ	ସୁଧାଂଶୁ ରାଉତ	୧୫୫୫୫	୫୫୫
ସିନାପାଲି-୩	ଭାଜପା	ଆଶା ଡଙ୍କ	୫୫୫୫	୫୫୫
ରାୟଗଡ଼ା
କାଶୀପୁର-୩	ବିଜେଡି	ସରସ୍ୱତୀ ମାଝୀ	୫୫୫	୨୫୫
ରାୟଗଡ଼ା-୩	ବିଜେଡି	ସନ୍ଧ୍ୟା ସୁମ୍ବା	୧୫୫୫୫	୨୫୫୫
ପୁରୀ
ବ୍ରହ୍ମଗିରି-୩	ବିଜେଡି	ଜୟଶ୍ରୀ ସାହୁ	୧୫୫୫୫	୨୫୫୫
କେଲଙ୍ଗ-୩	ବିଜେଡି	ଦୀପ୍ତିଜ୍ଞ ଭାଉଖବର	୧୫୫୫୫	୨୫୫୫
ଗୋପ-୩	ବିଜେଡି	ଗୋବରଧିନୀ ସେଠୀ	୧୫୫୫୫	୨୫୫୫
ଗୋପ-୪	ବିଜେଡି	ସାରଦିନୀ ନାୟକ	୧୫୫୫୫	୫୫୫
କାକଟପୁର-୩	ବିଜେଡି	ସ୍ୱାଧୀନ କୁମାର ସାହୁ	୧୫୫୫୫	୨୫୫୫
କଣାସ-୩	ଭାଜପା	ଲାଲମଣି ବଳବେଦ	୧୫୫୫୫	୨୫୫
ନିମାପଡ଼ା-୩	ବିଜେଡି	ରବୀନ୍ଦ୍ରନାଥ ମଲ୍ଲିକ	୧୫୫୫୫	୨୫୫୫
ନିମାପଡ଼ା-୪	ବିଜେଡି	ସବିତା ନାୟକ	୧୫୫୫୫	୫୫୫
ପିପିଲି-୩	ବିଜେଡି	ଧନେଶ୍ୱର ସାହୁ	୧୫୫୫୫	୨୫୫୫
ପୁରୀ ସଦର-୩	ବିଜେଡି	ରେବତୀନ ବେହେରା	୧୫୫୫୫	୨୫୫
ସତ୍ୟବାଦୀ-୩	ବିଜେଡି	ଲକ୍ଷ୍ମୀନାଥ ମିଶ୍ର	୧୫୫୫୫	୨୫୫୫
